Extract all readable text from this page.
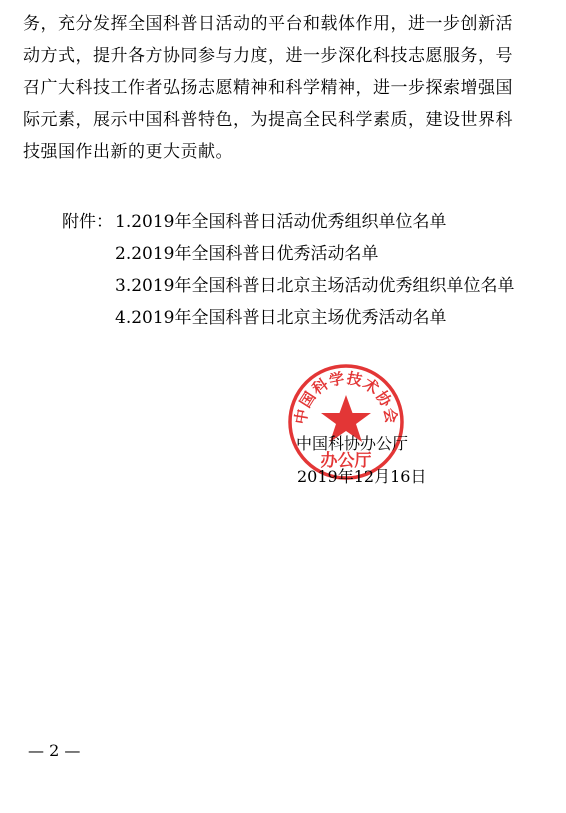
务，充分发挥全国科普日活动的平台和载体作用，进一步创新活
动方式，提升各方协同参与力度，进一步深化科技志愿服务，号
召广大科技工作者弘扬志愿精神和科学精神，进一步探索增强国
际元素，展示中国科普特色，为提高全民科学素质，建设世界科
技强国作出新的更大贡献。
附件： 1.2019年全国科普日活动优秀组织单位名单
2.2019年全国科普日优秀活动名单
3.2019年全国科普日北京主场活动优秀组织单位名单
4.2019年全国科普日北京主场优秀活动名单
中国科学技术协会
办公厅
中国科协办公厅
2019年12月16日
— 2 —
